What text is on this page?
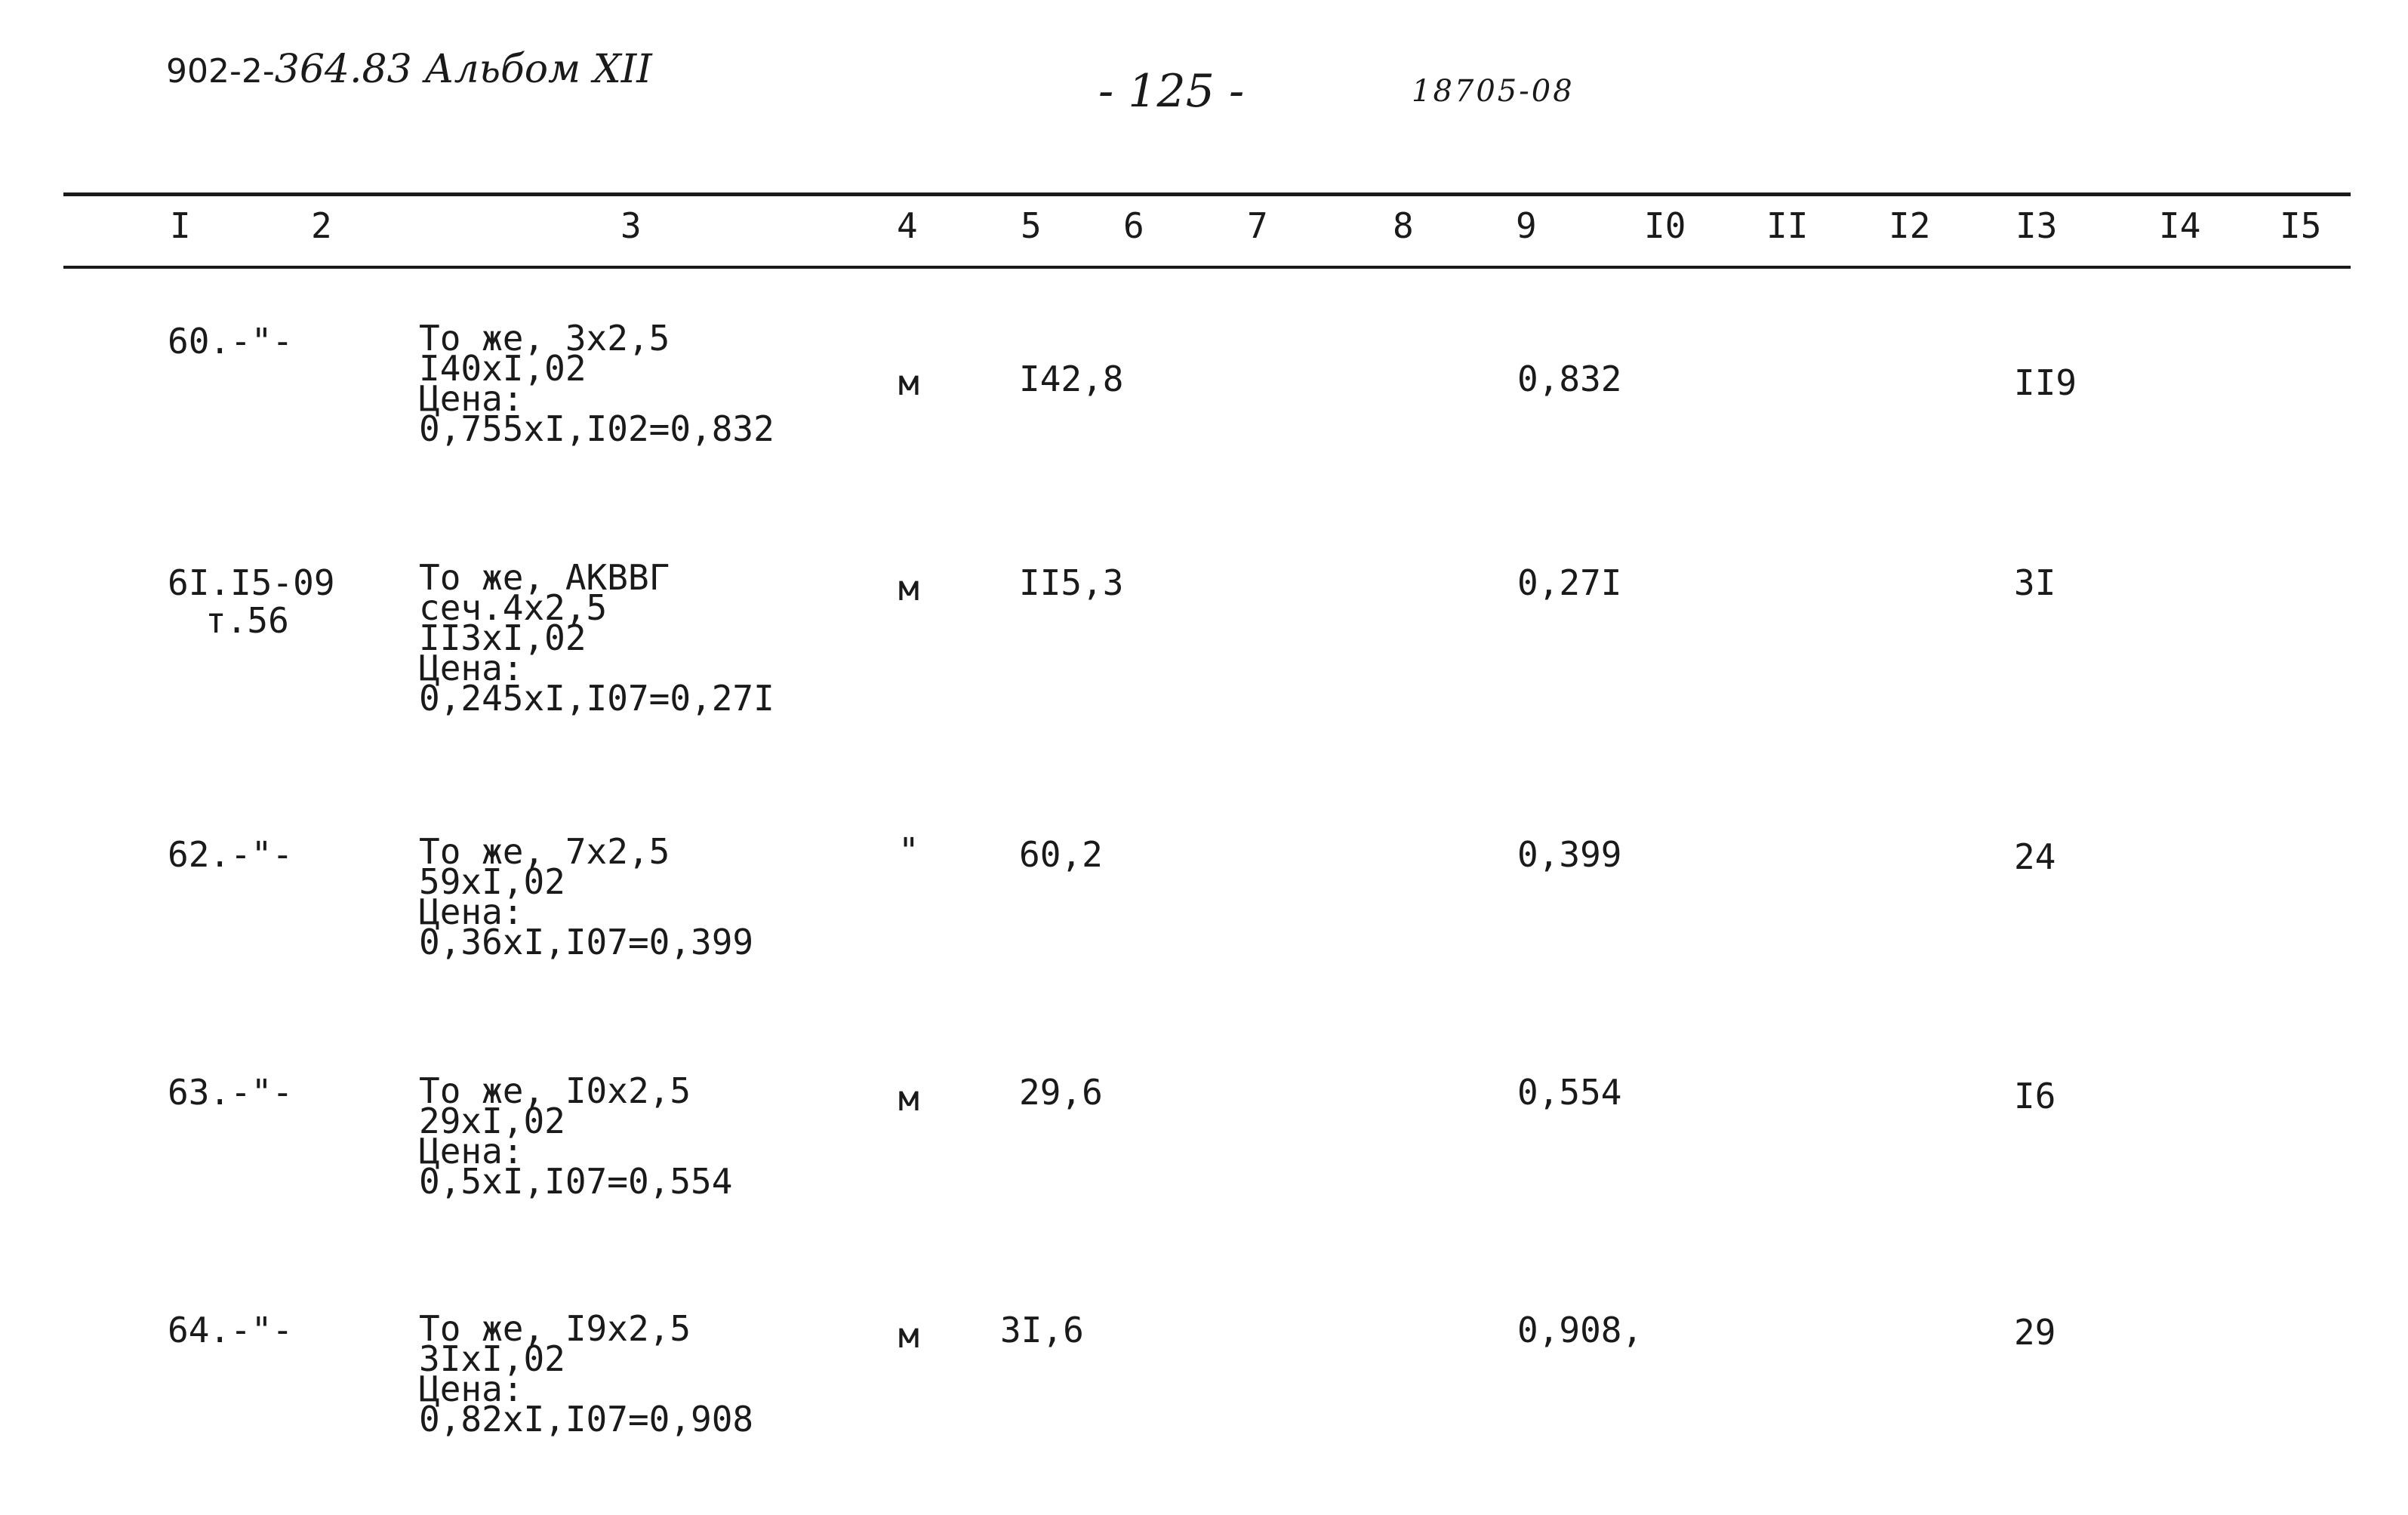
902-2-364.83 Альбом XII	- 125 -	18705-08
I	2	3	4	5 6	7	8	9	I0 II I2 I3	I4 I5
60.-"-	То же, 3х2,5
I40хI,02
Цена:
0,755хI,I02=0,832
м	I42,8	0,832	II9
6I.I5-09
т.56
То же, АКВВГ
сеч.4х2,5
II3хI,02
Цена:
0,245хI,I07=0,27I
м	II5,3	0,27I	3I
62.-"-	То же, 7х2,5
59хI,02
Цена:
0,36хI,I07=0,399
"	60,2	0,399	24
63.-"-	То же, I0х2,5
29хI,02
Цена:
0,5хI,I07=0,554
м	29,6	0,554	I6
64.-"-	То же, I9х2,5
3IхI,02
Цена:
0,82хI,I07=0,908
м 3I,6	0,908,	29
